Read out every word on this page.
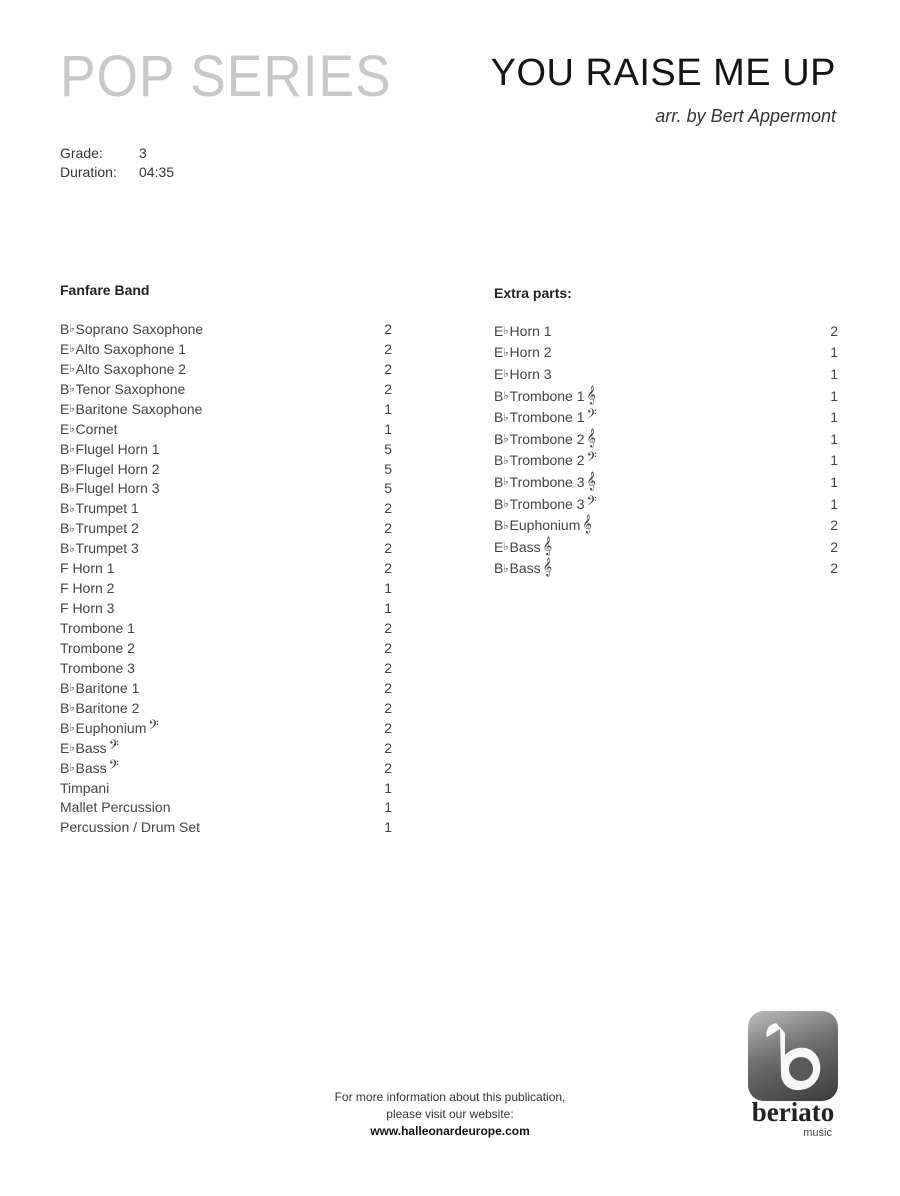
POP SERIES	YOU RAISE ME UP
arr. by Bert Appermont
Grade:	3
Duration:	04:35
Fanfare Band
B ♭ Soprano Saxophone	2
E ♭ Alto Saxophone 1	2
E ♭ Alto Saxophone 2	2
B ♭ Tenor Saxophone	2
E ♭ Baritone Saxophone	1
E ♭ Cornet	1
B ♭ Flugel Horn 1	5
B ♭ Flugel Horn 2	5
B ♭ Flugel Horn 3	5
B ♭ Trumpet 1	2
B ♭ Trumpet 2	2
B ♭ Trumpet 3	2
F Horn 1	2
F Horn 2	1
F Horn 3	1
Trombone 1	2
Trombone 2	2
Trombone 3	2
B ♭ Baritone 1	2
B ♭ Baritone 2	2
B ♭ Euphonium 𝄢	2
E ♭ Bass 𝄢	2
B ♭ Bass 𝄢	2
Timpani	1
Mallet Percussion	1
Percussion / Drum Set	1
Extra parts:
E ♭ Horn 1	2
E ♭ Horn 2	1
E ♭ Horn 3	1
B ♭ Trombone 1 𝄞	1
B ♭ Trombone 1 𝄢	1
B ♭ Trombone 2 𝄞	1
B ♭ Trombone 2 𝄢	1
B ♭ Trombone 3 𝄞	1
B ♭ Trombone 3 𝄢	1
B ♭ Euphonium 𝄞	2
E ♭ Bass 𝄞	2
B ♭ Bass 𝄞	2
For more information about this publication,
please visit our website:
www.halleonardeurope.com
beriato
music
